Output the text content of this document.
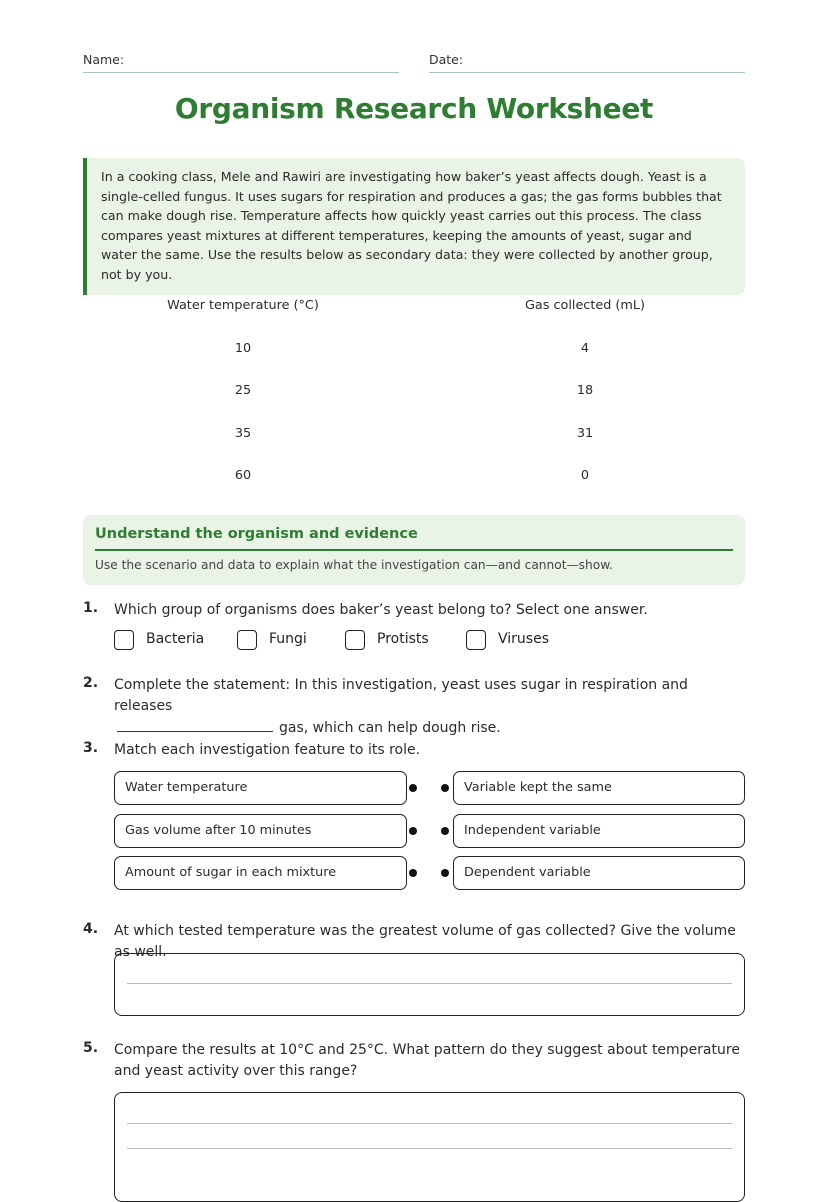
Name:	Date:
Organism Research Worksheet
In a cooking class, Mele and Rawiri are investigating how baker’s yeast affects dough. Yeast is a single-celled fungus. It uses sugars for respiration and produces a gas; the gas forms bubbles that can make dough rise. Temperature affects how quickly yeast carries out this process. The class compares yeast mixtures at different temperatures, keeping the amounts of yeast, sugar and water the same. Use the results below as secondary data: they were collected by another group, not by you.
Water temperature (°C)	Gas collected (mL)
10	4
25	18
35	31
60	0
Understand the organism and evidence
Use the scenario and data to explain what the investigation can—and cannot—show.
1. Which group of organisms does baker’s yeast belong to? Select one answer.
Bacteria	Fungi	Protists	Viruses
2. Complete the statement: In this investigation, yeast uses sugar in respiration and releases
gas, which can help dough rise.
3. Match each investigation feature to its role.
Water temperature	Variable kept the same
Gas volume after 10 minutes	Independent variable
Amount of sugar in each mixture	Dependent variable
4. At which tested temperature was the greatest volume of gas collected? Give the volume as well.
5. Compare the results at 10°C and 25°C. What pattern do they suggest about temperature and yeast activity over this range?
